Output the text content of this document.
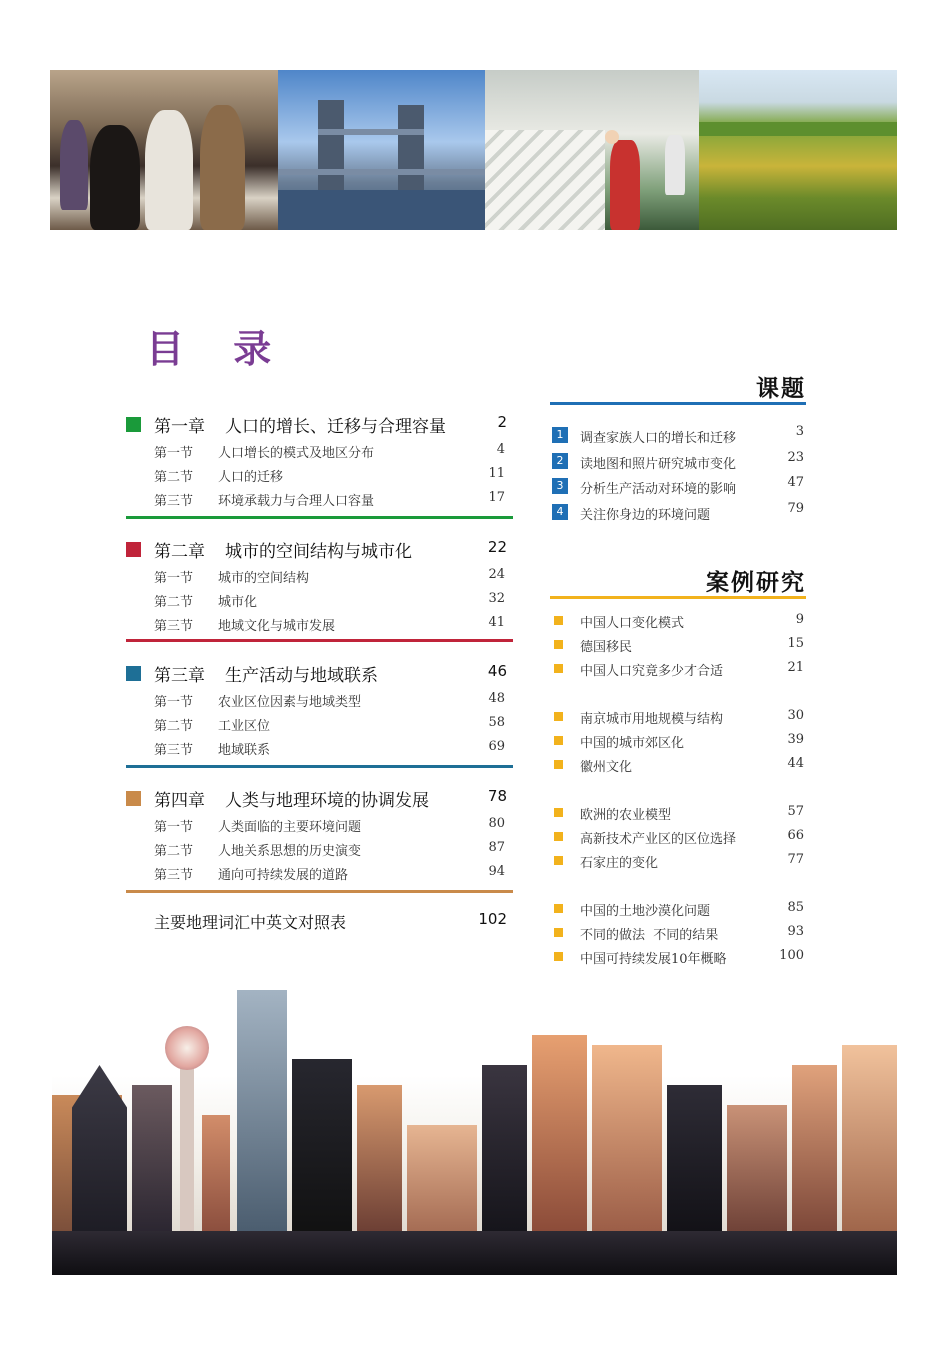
目 录
第一章 人口的增长、迁移与合理容量	2
第一节 人口增长的模式及地区分布	4
第二节 人口的迁移	11
第三节 环境承载力与合理人口容量	17
第二章 城市的空间结构与城市化	22
第一节 城市的空间结构	24
第二节 城市化	32
第三节 地域文化与城市发展	41
第三章 生产活动与地域联系	46
第一节 农业区位因素与地域类型	48
第二节 工业区位	58
第三节 地域联系	69
第四章 人类与地理环境的协调发展	78
第一节 人类面临的主要环境问题	80
第二节 人地关系思想的历史演变	87
第三节 通向可持续发展的道路	94
主要地理词汇中英文对照表	102
课题
1	调查家族人口的增长和迁移	3
2	读地图和照片研究城市变化	23
3	分析生产活动对环境的影响	47
4	关注你身边的环境问题	79
案例研究
中国人口变化模式	9
德国移民	15
中国人口究竟多少才合适	21
南京城市用地规模与结构	30
中国的城市郊区化	39
徽州文化	44
欧洲的农业模型	57
高新技术产业区的区位选择	66
石家庄的变化	77
中国的土地沙漠化问题	85
不同的做法  不同的结果	93
中国可持续发展10年概略	100
